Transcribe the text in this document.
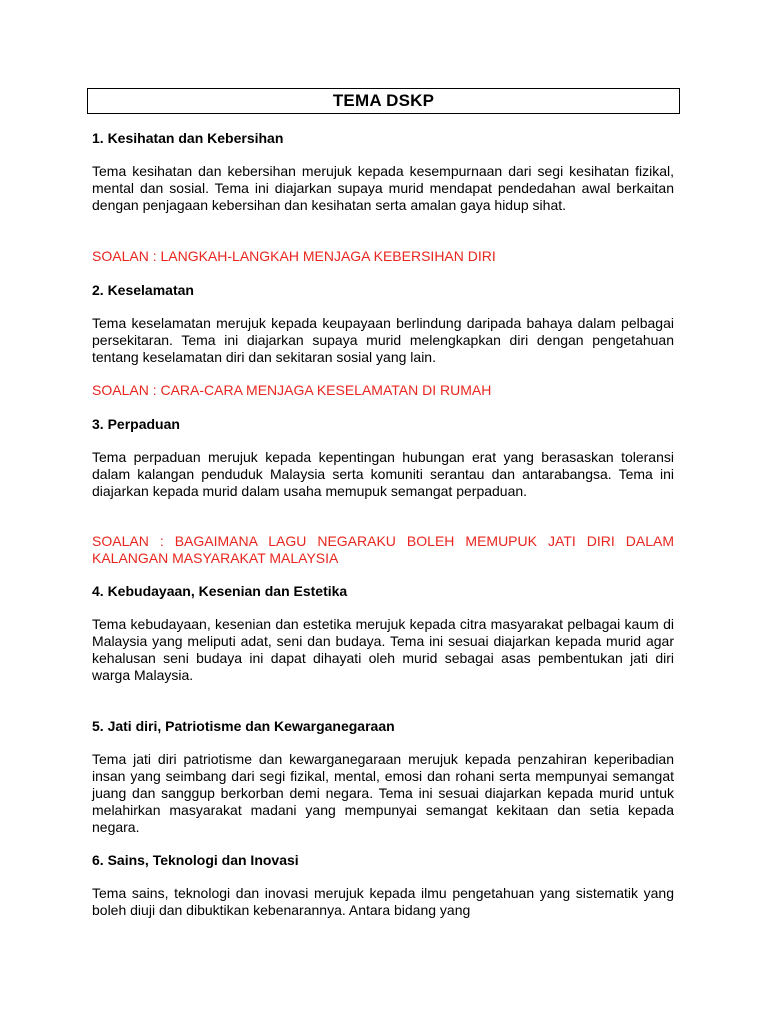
TEMA DSKP
1. Kesihatan dan Kebersihan
Tema kesihatan dan kebersihan merujuk kepada kesempurnaan dari segi kesihatan fizikal, mental dan sosial. Tema ini diajarkan supaya murid mendapat pendedahan awal berkaitan dengan penjagaan kebersihan dan kesihatan serta amalan gaya hidup sihat.
SOALAN : LANGKAH-LANGKAH MENJAGA KEBERSIHAN DIRI
2. Keselamatan
Tema keselamatan merujuk kepada keupayaan berlindung daripada bahaya dalam pelbagai persekitaran. Tema ini diajarkan supaya murid melengkapkan diri dengan pengetahuan tentang keselamatan diri dan sekitaran sosial yang lain.
SOALAN : CARA-CARA MENJAGA KESELAMATAN DI RUMAH
3. Perpaduan
Tema perpaduan merujuk kepada kepentingan hubungan erat yang berasaskan toleransi dalam kalangan penduduk Malaysia serta komuniti serantau dan antarabangsa. Tema ini diajarkan kepada murid dalam usaha memupuk semangat perpaduan.
SOALAN : BAGAIMANA LAGU NEGARAKU BOLEH MEMUPUK JATI DIRI DALAM KALANGAN MASYARAKAT MALAYSIA
4. Kebudayaan, Kesenian dan Estetika
Tema kebudayaan, kesenian dan estetika merujuk kepada citra masyarakat pelbagai kaum di Malaysia yang meliputi adat, seni dan budaya. Tema ini sesuai diajarkan kepada murid agar kehalusan seni budaya ini dapat dihayati oleh murid sebagai asas pembentukan jati diri warga Malaysia.
5. Jati diri, Patriotisme dan Kewarganegaraan
Tema jati diri patriotisme dan kewarganegaraan merujuk kepada penzahiran keperibadian insan yang seimbang dari segi fizikal, mental, emosi dan rohani serta mempunyai semangat juang dan sanggup berkorban demi negara. Tema ini sesuai diajarkan kepada murid untuk melahirkan masyarakat madani yang mempunyai semangat kekitaan dan setia kepada negara.
6. Sains, Teknologi dan Inovasi
Tema sains, teknologi dan inovasi merujuk kepada ilmu pengetahuan yang sistematik yang boleh diuji dan dibuktikan kebenarannya. Antara bidang yang
